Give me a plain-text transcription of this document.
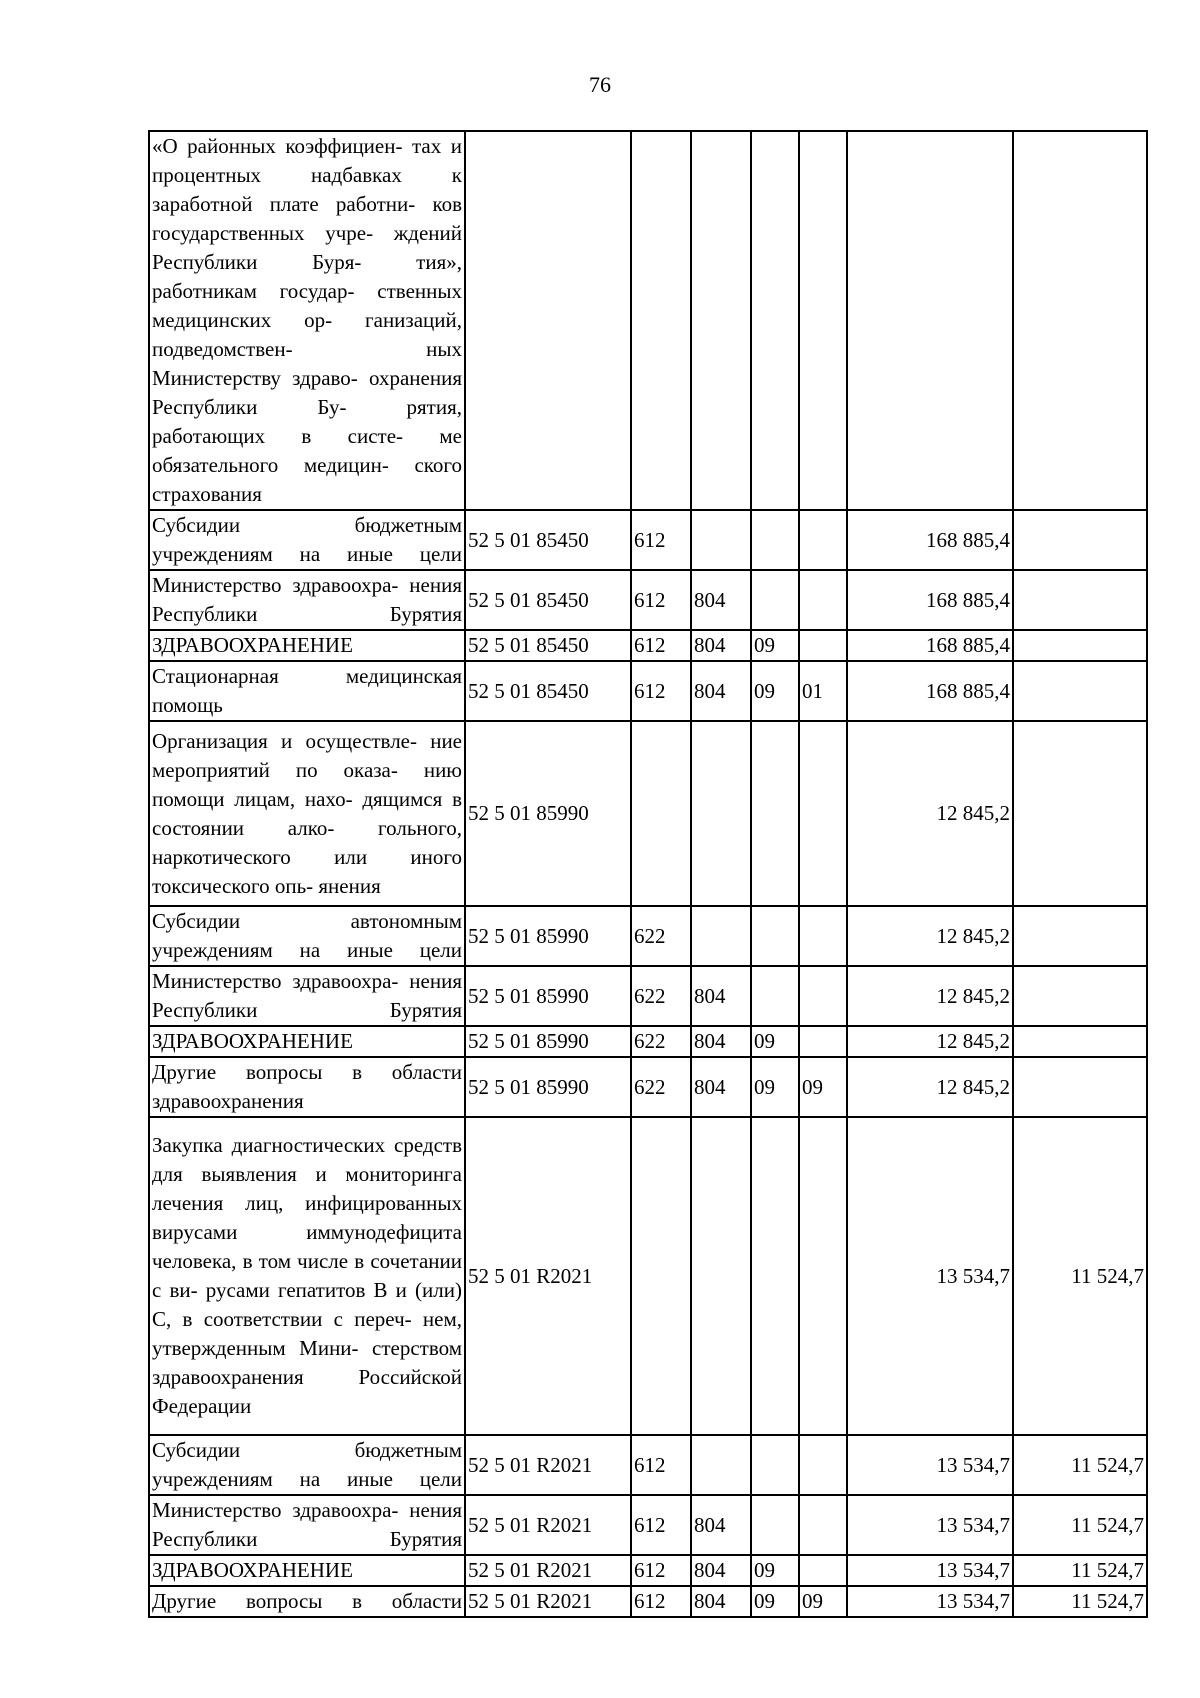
76
«О районных коэффициен- тах и процентных надбавках к заработной плате работни- ков государственных учре- ждений Республики Буря- тия», работникам государ- ственных медицинских ор- ганизаций, подведомствен- ных Министерству здраво- охранения Республики Бу- рятия, работающих в систе- ме обязательного медицин- ского страхования							
Субсидии бюджетным учреждениям на иные цели	52 5 01 85450	612				168 885,4	
Министерство здравоохра- нения Республики Бурятия	52 5 01 85450	612	804			168 885,4	
ЗДРАВООХРАНЕНИЕ	52 5 01 85450	612	804	09		168 885,4	
Стационарная медицинская помощь	52 5 01 85450	612	804	09	01	168 885,4	
Организация и осуществле- ние мероприятий по оказа- нию помощи лицам, нахо- дящимся в состоянии алко- гольного, наркотического или иного токсического опь- янения	52 5 01 85990					12 845,2	
Субсидии автономным учреждениям на иные цели	52 5 01 85990	622				12 845,2	
Министерство здравоохра- нения Республики Бурятия	52 5 01 85990	622	804			12 845,2	
ЗДРАВООХРАНЕНИЕ	52 5 01 85990	622	804	09		12 845,2	
Другие вопросы в области здравоохранения	52 5 01 85990	622	804	09	09	12 845,2	
Закупка диагностических средств для выявления и мониторинга лечения лиц, инфицированных вирусами иммунодефицита человека, в том числе в сочетании с ви- русами гепатитов В и (или) С, в соответствии с переч- нем, утвержденным Мини- стерством здравоохранения Российской Федерации	52 5 01 R2021					13 534,7	11 524,7
Субсидии бюджетным учреждениям на иные цели	52 5 01 R2021	612				13 534,7	11 524,7
Министерство здравоохра- нения Республики Бурятия	52 5 01 R2021	612	804			13 534,7	11 524,7
ЗДРАВООХРАНЕНИЕ	52 5 01 R2021	612	804	09		13 534,7	11 524,7
Другие вопросы в области	52 5 01 R2021	612	804	09	09	13 534,7	11 524,7
